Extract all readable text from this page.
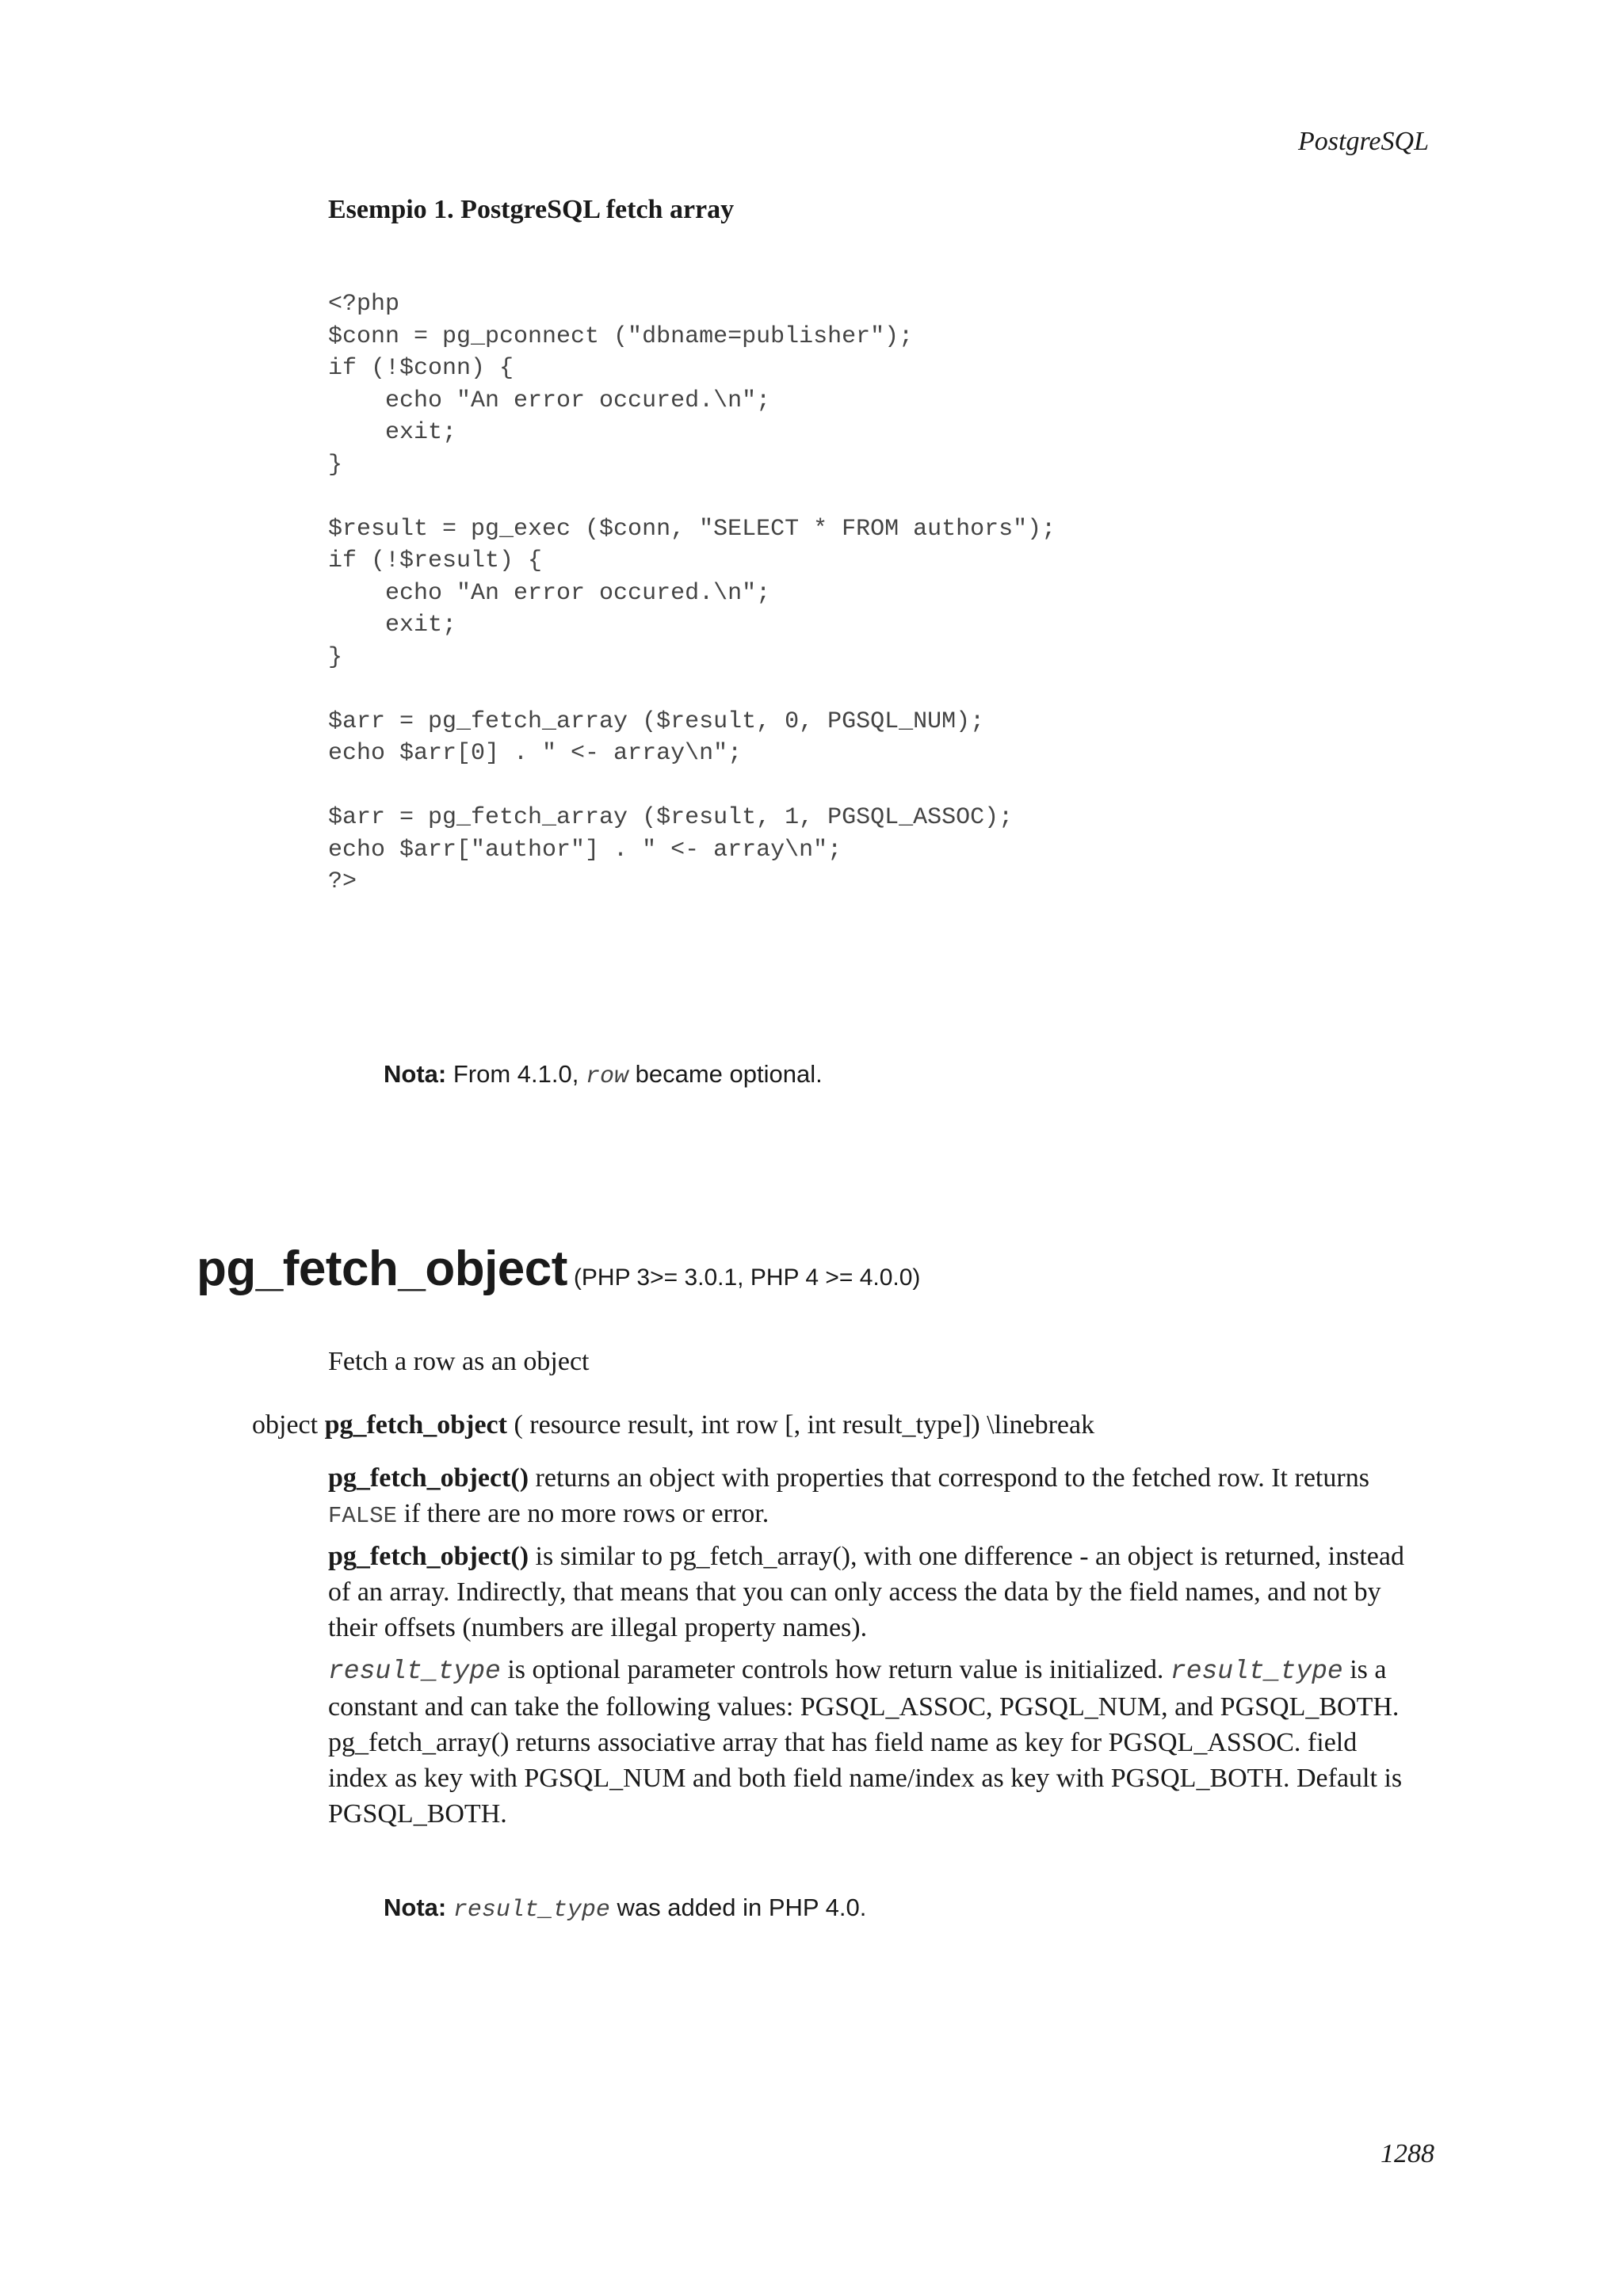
PostgreSQL
Esempio 1. PostgreSQL fetch array
<?php
$conn = pg_pconnect ("dbname=publisher");
if (!$conn) {
echo "An error occured.\n";
exit;
}

$result = pg_exec ($conn, "SELECT * FROM authors");
if (!$result) {
echo "An error occured.\n";
exit;
}

$arr = pg_fetch_array ($result, 0, PGSQL_NUM);
echo $arr[0] . " <- array\n";

$arr = pg_fetch_array ($result, 1, PGSQL_ASSOC);
echo $arr["author"] . " <- array\n";
?>
Nota: From 4.1.0, row became optional.
pg_fetch_object (PHP 3>= 3.0.1, PHP 4 >= 4.0.0)
Fetch a row as an object
object pg_fetch_object ( resource result, int row [, int result_type]) \linebreak

pg_fetch_object() returns an object with properties that correspond to the fetched row. It returns FALSE if there are no more rows or error.

pg_fetch_object() is similar to pg_fetch_array(), with one difference - an object is returned, instead of an array. Indirectly, that means that you can only access the data by the field names, and not by their offsets (numbers are illegal property names).

result_type is optional parameter controls how return value is initialized. result_type is a constant and can take the following values: PGSQL_ASSOC, PGSQL_NUM, and PGSQL_BOTH. pg_fetch_array() returns associative array that has field name as key for PGSQL_ASSOC. field index as key with PGSQL_NUM and both field name/index as key with PGSQL_BOTH. Default is PGSQL_BOTH.

Nota: result_type was added in PHP 4.0.
1288
